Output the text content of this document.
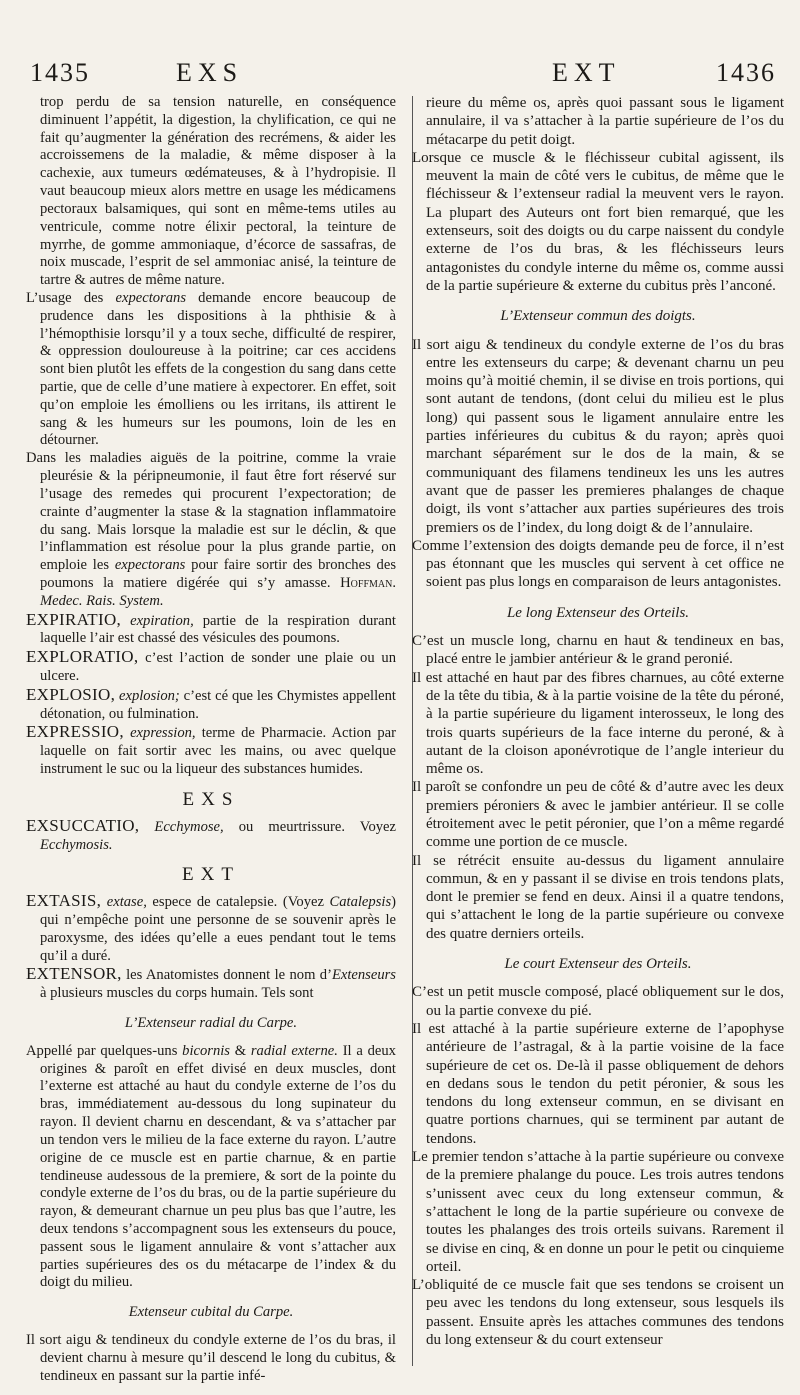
1435	EXS	EXT	1436

trop perdu de sa tension naturelle, en conséquence diminuent l’appétit, la digestion, la chylification, ce qui ne fait qu’augmenter la génération des recrémens, & aider les accroissemens de la maladie, & même disposer à la cachexie, aux tumeurs œdémateuses, & à l’hydropisie. Il vaut beaucoup mieux alors mettre en usage les médicamens pectoraux balsamiques, qui sont en même-tems utiles au ventricule, comme notre élixir pectoral, la teinture de myrrhe, de gomme ammoniaque, d’écorce de sassafras, de noix muscade, l’esprit de sel ammoniac anisé, la teinture de tartre & autres de même nature.

L’usage des expectorans demande encore beaucoup de prudence dans les dispositions à la phthisie & à l’hémopthisie lorsqu’il y a toux seche, difficulté de respirer, & oppression douloureuse à la poitrine; car ces accidens sont bien plutôt les effets de la congestion du sang dans cette partie, que de celle d’une matiere à expectorer. En effet, soit qu’on emploie les émolliens ou les irritans, ils attirent le sang & les humeurs sur les poumons, loin de les en détourner.

Dans les maladies aiguës de la poitrine, comme la vraie pleurésie & la péripneumonie, il faut être fort réservé sur l’usage des remedes qui procurent l’expectoration; de crainte d’augmenter la stase & la stagnation inflammatoire du sang. Mais lorsque la maladie est sur le déclin, & que l’inflammation est résolue pour la plus grande partie, on emploie les expectorans pour faire sortir des bronches des poumons la matiere digérée qui s’y amasse. Hoffman. Medec. Rais. System.

EXPIRATIO, expiration, partie de la respiration durant laquelle l’air est chassé des vésicules des poumons.

EXPLORATIO, c’est l’action de sonder une plaie ou un ulcere.

EXPLOSIO, explosion; c’est cé que les Chymistes appellent détonation, ou fulmination.

EXPRESSIO, expression, terme de Pharmacie. Action par laquelle on fait sortir avec les mains, ou avec quelque instrument le suc ou la liqueur des substances humides.

EXS

EXSUCCATIO, Ecchymose, ou meurtrissure. Voyez Ecchymosis.

EXT

EXTASIS, extase, espece de catalepsie. (Voyez Catalepsis) qui n’empêche point une personne de se souvenir après le paroxysme, des idées qu’elle a eues pendant tout le tems qu’il a duré.

EXTENSOR, les Anatomistes donnent le nom d’Extenseurs à plusieurs muscles du corps humain. Tels sont

L’Extenseur radial du Carpe.

Appellé par quelques-uns bicornis & radial externe. Il a deux origines & paroît en effet divisé en deux muscles, dont l’externe est attaché au haut du condyle externe de l’os du bras, immédiatement au-dessous du long supinateur du rayon. Il devient charnu en descendant, & va s’attacher par un tendon vers le milieu de la face externe du rayon. L’autre origine de ce muscle est en partie charnue, & en partie tendineuse audessous de la premiere, & sort de la pointe du condyle externe de l’os du bras, ou de la partie supérieure du rayon, & demeurant charnue un peu plus bas que l’autre, les deux tendons s’accompagnent sous les extenseurs du pouce, passent sous le ligament annulaire & vont s’attacher aux parties supérieures des os du métacarpe de l’index & du doigt du milieu.

Extenseur cubital du Carpe.

Il sort aigu & tendineux du condyle externe de l’os du bras, il devient charnu à mesure qu’il descend le long du cubitus, & tendineux en passant sur la partie infé-

rieure du même os, après quoi passant sous le ligament annulaire, il va s’attacher à la partie supérieure de l’os du métacarpe du petit doigt.

Lorsque ce muscle & le fléchisseur cubital agissent, ils meuvent la main de côté vers le cubitus, de même que le fléchisseur & l’extenseur radial la meuvent vers le rayon. La plupart des Auteurs ont fort bien remarqué, que les extenseurs, soit des doigts ou du carpe naissent du condyle externe de l’os du bras, & les fléchisseurs leurs antagonistes du condyle interne du même os, comme aussi de la partie supérieure & externe du cubitus près l’anconé.

L’Extenseur commun des doigts.

Il sort aigu & tendineux du condyle externe de l’os du bras entre les extenseurs du carpe; & devenant charnu un peu moins qu’à moitié chemin, il se divise en trois portions, qui sont autant de tendons, (dont celui du milieu est le plus long) qui passent sous le ligament annulaire entre les parties inférieures du cubitus & du rayon; après quoi marchant séparément sur le dos de la main, & se communiquant des filamens tendineux les uns les autres avant que de passer les premieres phalanges de chaque doigt, ils vont s’attacher aux parties supérieures des trois premiers os de l’index, du long doigt & de l’annulaire.

Comme l’extension des doigts demande peu de force, il n’est pas étonnant que les muscles qui servent à cet office ne soient pas plus longs en comparaison de leurs antagonistes.

Le long Extenseur des Orteils.

C’est un muscle long, charnu en haut & tendineux en bas, placé entre le jambier antérieur & le grand peronié.

Il est attaché en haut par des fibres charnues, au côté externe de la tête du tibia, & à la partie voisine de la tête du péroné, à la partie supérieure du ligament interosseux, le long des trois quarts supérieurs de la face interne du peroné, & à autant de la cloison aponévrotique de l’angle interieur du même os.

Il paroît se confondre un peu de côté & d’autre avec les deux premiers péroniers & avec le jambier antérieur. Il se colle étroitement avec le petit péronier, que l’on a même regardé comme une portion de ce muscle.

Il se rétrécit ensuite au-dessus du ligament annulaire commun, & en y passant il se divise en trois tendons plats, dont le premier se fend en deux. Ainsi il a quatre tendons, qui s’attachent le long de la partie supérieure ou convexe des quatre derniers orteils.

Le court Extenseur des Orteils.

C’est un petit muscle composé, placé obliquement sur le dos, ou la partie convexe du pié.

Il est attaché à la partie supérieure externe de l’apophyse antérieure de l’astragal, & à la partie voisine de la face supérieure de cet os. De-là il passe obliquement de dehors en dedans sous le tendon du petit péronier, & sous les tendons du long extenseur commun, en se divisant en quatre portions charnues, qui se terminent par autant de tendons.

Le premier tendon s’attache à la partie supérieure ou convexe de la premiere phalange du pouce. Les trois autres tendons s’unissent avec ceux du long extenseur commun, & s’attachent le long de la partie supérieure ou convexe de toutes les phalanges des trois orteils suivans. Rarement il se divise en cinq, & en donne un pour le petit ou cinquieme orteil.

L’obliquité de ce muscle fait que ses tendons se croisent un peu avec les tendons du long extenseur, sous lesquels ils passent. Ensuite après les attaches communes des tendons du long extenseur & du court extenseur
